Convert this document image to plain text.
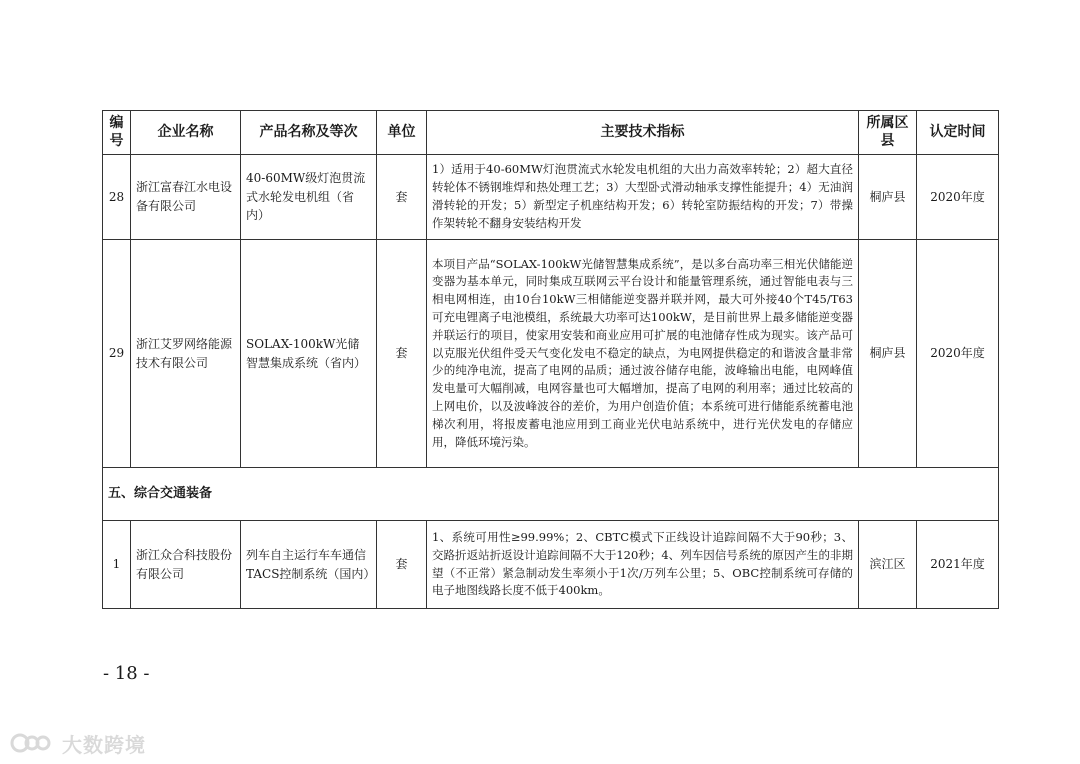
编号	企业名称	产品名称及等次	单位	主要技术指标	所属区县	认定时间
28	浙江富春江水电设备有限公司	40-60MW级灯泡贯流式水轮发电机组（省内）	套	1）适用于40-60MW灯泡贯流式水轮发电机组的大出力高效率转轮；2）超大直径转轮体不锈钢堆焊和热处理工艺；3）大型卧式滑动轴承支撑性能提升；4）无油润滑转轮的开发；5）新型定子机座结构开发；6）转轮室防振结构的开发；7）带操作架转轮不翻身安装结构开发	桐庐县	2020年度
29	浙江艾罗网络能源技术有限公司	SOLAX-100kW光储智慧集成系统（省内）	套	本项目产品“SOLAX-100kW光储智慧集成系统”，是以多台高功率三相光伏储能逆变器为基本单元，同时集成互联网云平台设计和能量管理系统，通过智能电表与三相电网相连，由10台10kW三相储能逆变器并联并网，最大可外接40个T45/T63可充电锂离子电池模组，系统最大功率可达100kW，是目前世界上最多储能逆变器并联运行的项目，使家用安装和商业应用可扩展的电池储存性成为现实。该产品可以克服光伏组件受天气变化发电不稳定的缺点，为电网提供稳定的和谐波含量非常少的纯净电流，提高了电网的品质；通过波谷储存电能，波峰输出电能，电网峰值发电量可大幅削减，电网容量也可大幅增加，提高了电网的利用率；通过比较高的上网电价，以及波峰波谷的差价，为用户创造价值；本系统可进行储能系统蓄电池梯次利用，将报废蓄电池应用到工商业光伏电站系统中，进行光伏发电的存储应用，降低环境污染。	桐庐县	2020年度
五、综合交通装备						
1	浙江众合科技股份有限公司	列车自主运行车车通信TACS控制系统（国内）	套	1、系统可用性≥99.99%；2、CBTC模式下正线设计追踪间隔不大于90秒；3、交路折返站折返设计追踪间隔不大于120秒；4、列车因信号系统的原因产生的非期望（不正常）紧急制动发生率须小于1次/万列车公里；5、OBC控制系统可存储的电子地图线路长度不低于400km。	滨江区	2021年度
- 18 -
大数跨境
